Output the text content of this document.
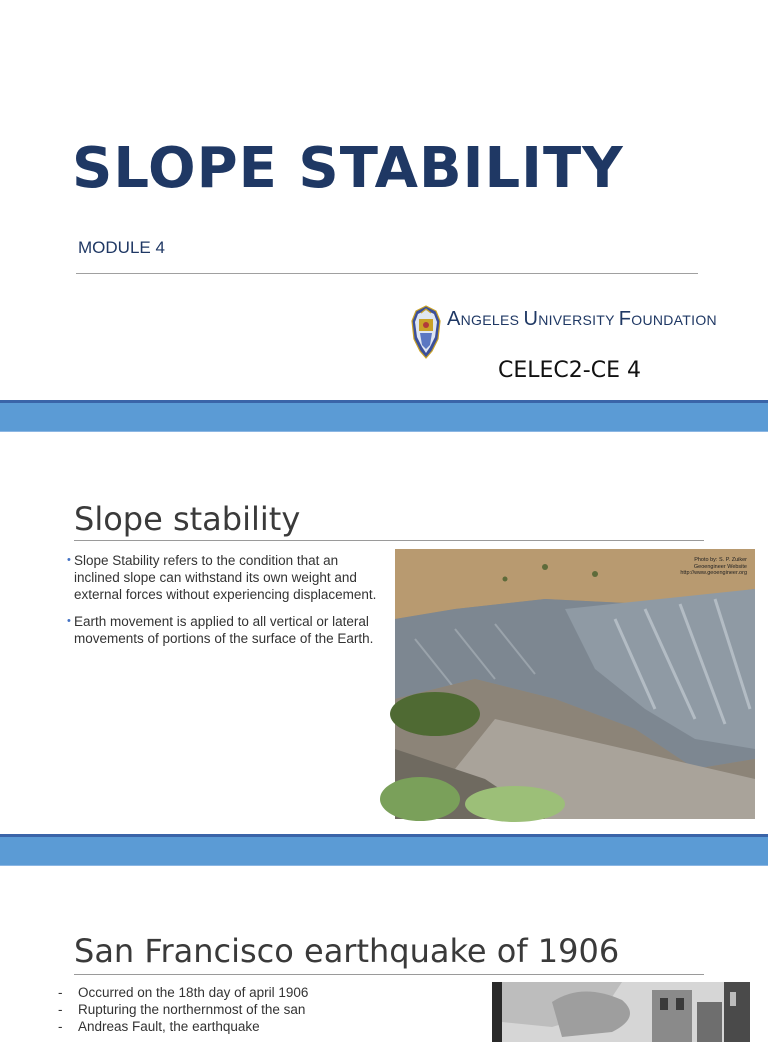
SLOPE STABILITY
MODULE 4
ANGELES UNIVERSITY FOUNDATION
CELEC2-CE 4
Slope stability
• Slope Stability refers to the condition that an inclined slope can withstand its own weight and external forces without experiencing displacement.
• Earth movement is applied to all vertical or lateral movements of portions of the surface of the Earth.
Photo by: S. P. Zuiker
Geoengineer Website
http://www.geoengineer.org
San Francisco earthquake of 1906
- Occurred on the 18th day of april 1906
- Rupturing the northernmost of the san
- Andreas Fault, the earthquake
